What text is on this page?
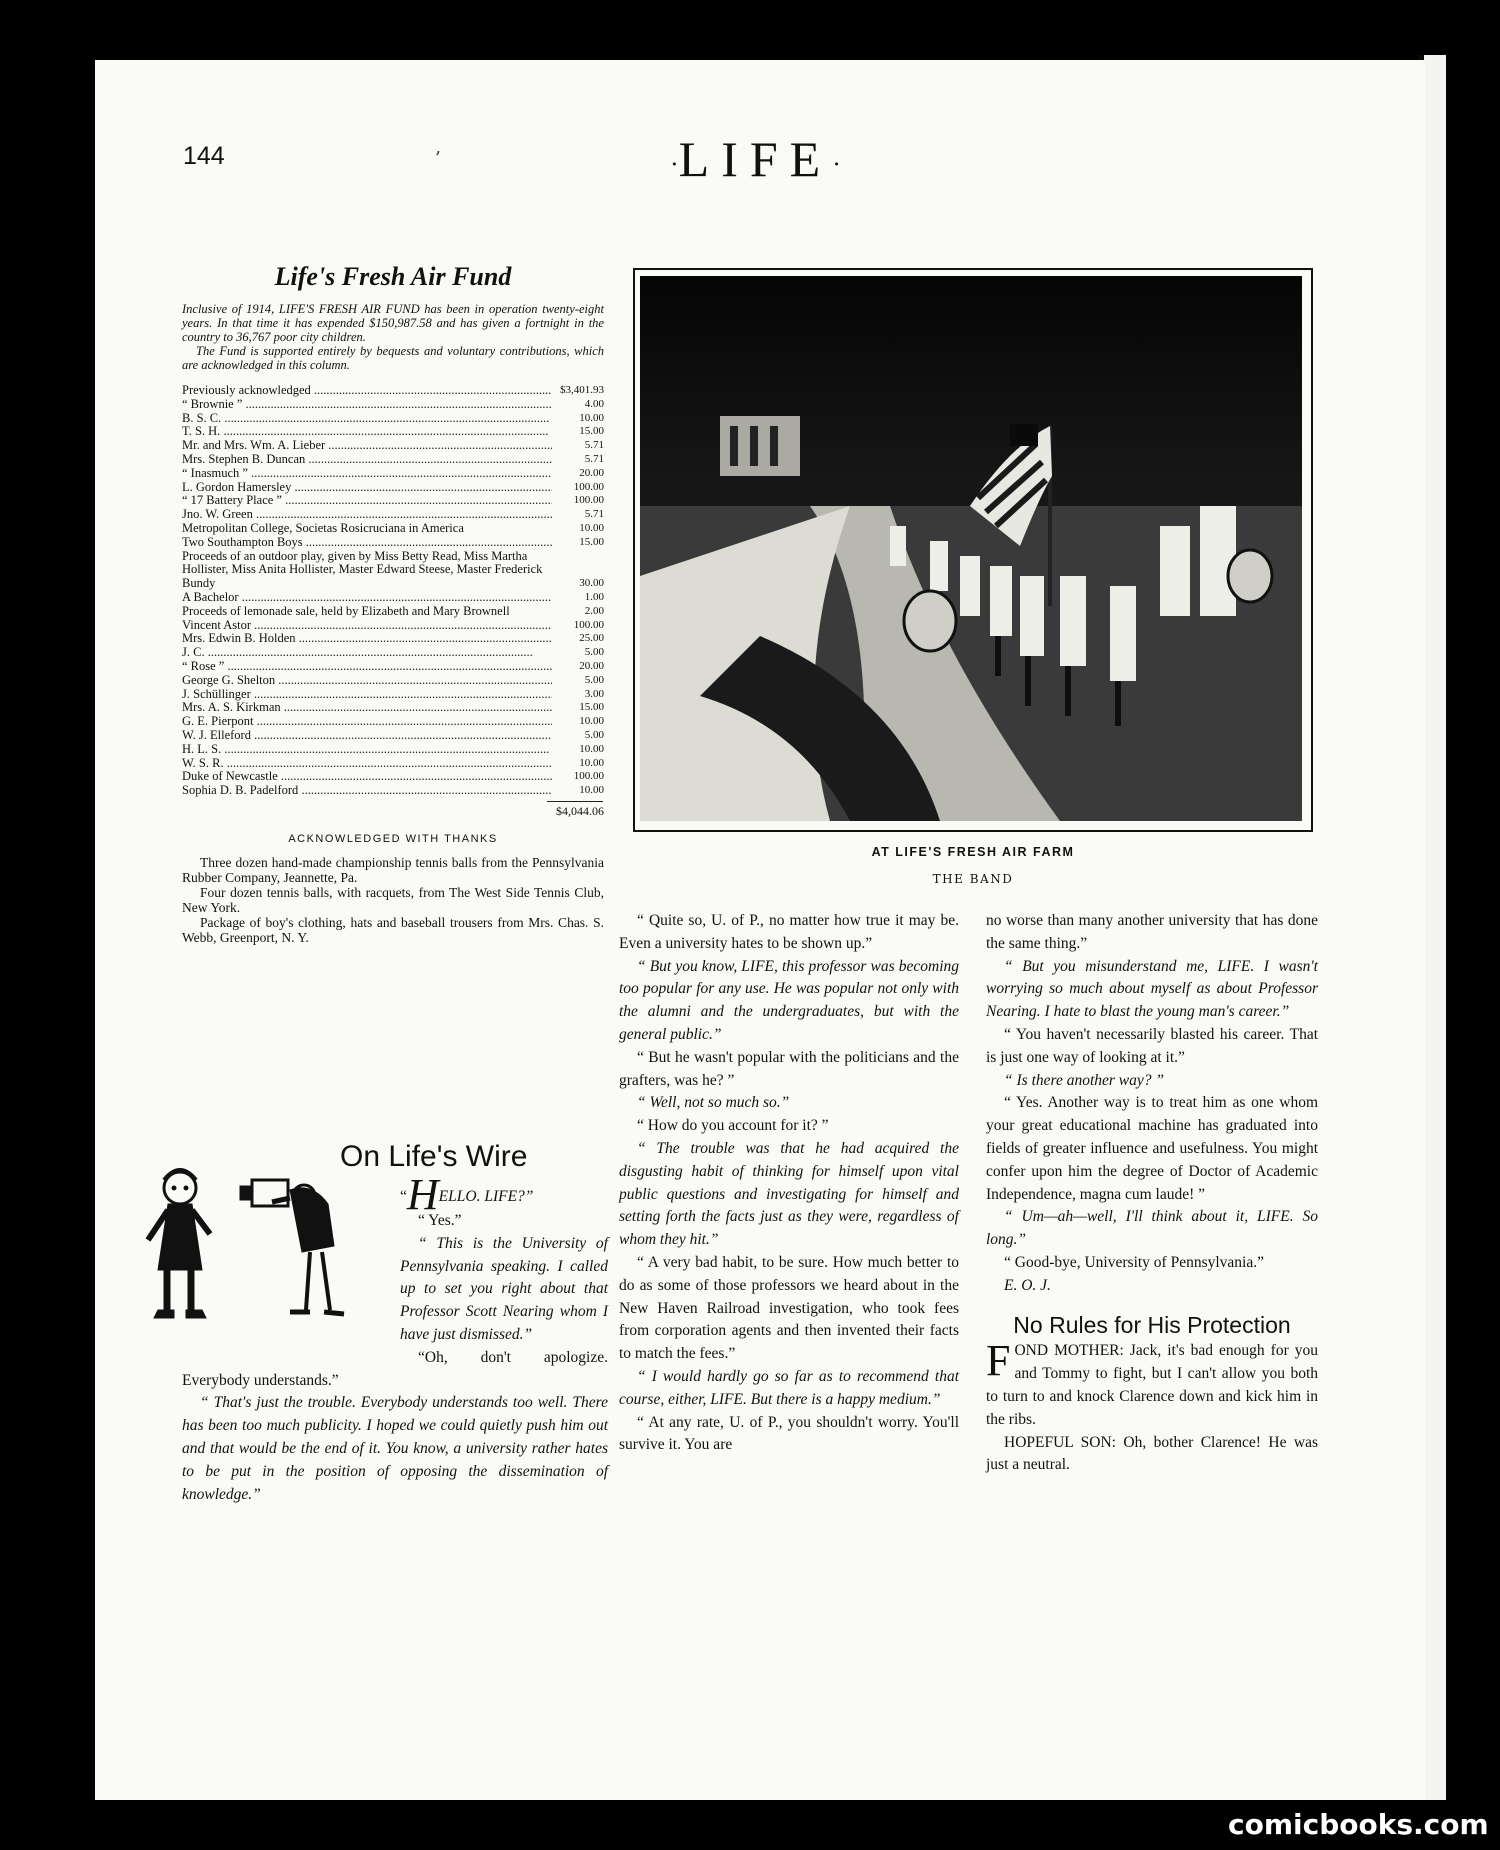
144	’	·LIFE·
Life's Fresh Air Fund

Inclusive of 1914, LIFE'S FRESH AIR FUND has been in operation twenty-eight years. In that time it has expended $150,987.58 and has given a fortnight in the country to 36,767 poor city children.

The Fund is supported entirely by bequests and voluntary contributions, which are acknowledged in this column.

Previously acknowledged .....	$3,401.93
“ Brownie ” .....	4.00
B. S. C. .....	10.00
T. S. H. .....	15.00
Mr. and Mrs. Wm. A. Lieber .....	5.71
Mrs. Stephen B. Duncan .....	5.71
“ Inasmuch ” .....	20.00
L. Gordon Hamersley .....	100.00
“ 17 Battery Place ” .....	100.00
Jno. W. Green .....	5.71
Metropolitan College, Societas Rosicruciana in America	10.00
Two Southampton Boys .....	15.00
Proceeds of an outdoor play, given by Miss Betty Read, Miss Martha Hollister, Miss Anita Hollister, Master Edward Steese, Master Frederick Bundy	30.00
A Bachelor .....	1.00
Proceeds of lemonade sale, held by Elizabeth and Mary Brownell	2.00
Vincent Astor .....	100.00
Mrs. Edwin B. Holden .....	25.00
J. C. .....	5.00
“ Rose ” .....	20.00
George G. Shelton .....	5.00
J. Schüllinger .....	3.00
Mrs. A. S. Kirkman .....	15.00
G. E. Pierpont .....	10.00
W. J. Elleford .....	5.00
H. L. S. .....	10.00
W. S. R. .....	10.00
Duke of Newcastle .....	100.00
Sophia D. B. Padelford .....	10.00
$4,044.06
ACKNOWLEDGED WITH THANKS

Three dozen hand-made championship tennis balls from the Pennsylvania Rubber Company, Jeannette, Pa.

Four dozen tennis balls, with racquets, from The West Side Tennis Club, New York.

Package of boy's clothing, hats and baseball trousers from Mrs. Chas. S. Webb, Greenport, N. Y.

On Life's Wire

“HELLO. LIFE?”

“ Yes.”

“ This is the University of Pennsylvania speaking. I called up to set you right about that Professor Scott Nearing whom I have just dismissed.”

“Oh, don't apologize. Everybody understands.”

“ That's just the trouble. Everybody understands too well. There has been too much publicity. I hoped we could quietly push him out and that would be the end of it. You know, a university rather hates to be put in the position of opposing the dissemination of knowledge.”

AT LIFE'S FRESH AIR FARM
THE BAND

“ Quite so, U. of P., no matter how true it may be. Even a university hates to be shown up.”

“ But you know, LIFE, this professor was becoming too popular for any use. He was popular not only with the alumni and the undergraduates, but with the general public.”

“ But he wasn't popular with the politicians and the grafters, was he? ”

“ Well, not so much so.”

“ How do you account for it? ”

“ The trouble was that he had acquired the disgusting habit of thinking for himself upon vital public questions and investigating for himself and setting forth the facts just as they were, regardless of whom they hit.”

“ A very bad habit, to be sure. How much better to do as some of those professors we heard about in the New Haven Railroad investigation, who took fees from corporation agents and then invented their facts to match the fees.”

“ I would hardly go so far as to recommend that course, either, LIFE. But there is a happy medium.”

“ At any rate, U. of P., you shouldn't worry. You'll survive it. You are

no worse than many another university that has done the same thing.”

“ But you misunderstand me, LIFE. I wasn't worrying so much about myself as about Professor Nearing. I hate to blast the young man's career.”

“ You haven't necessarily blasted his career. That is just one way of looking at it.”

“ Is there another way? ”

“ Yes. Another way is to treat him as one whom your great educational machine has graduated into fields of greater influence and usefulness. You might confer upon him the degree of Doctor of Academic Independence, magna cum laude! ”

“ Um—ah—well, I'll think about it, LIFE. So long.”

“ Good-bye, University of Pennsylvania.”

E. O. J.

No Rules for His Protection

FOND MOTHER: Jack, it's bad enough for you and Tommy to fight, but I can't allow you both to turn to and knock Clarence down and kick him in the ribs.

HOPEFUL SON: Oh, bother Clarence! He was just a neutral.

comicbooks.com
